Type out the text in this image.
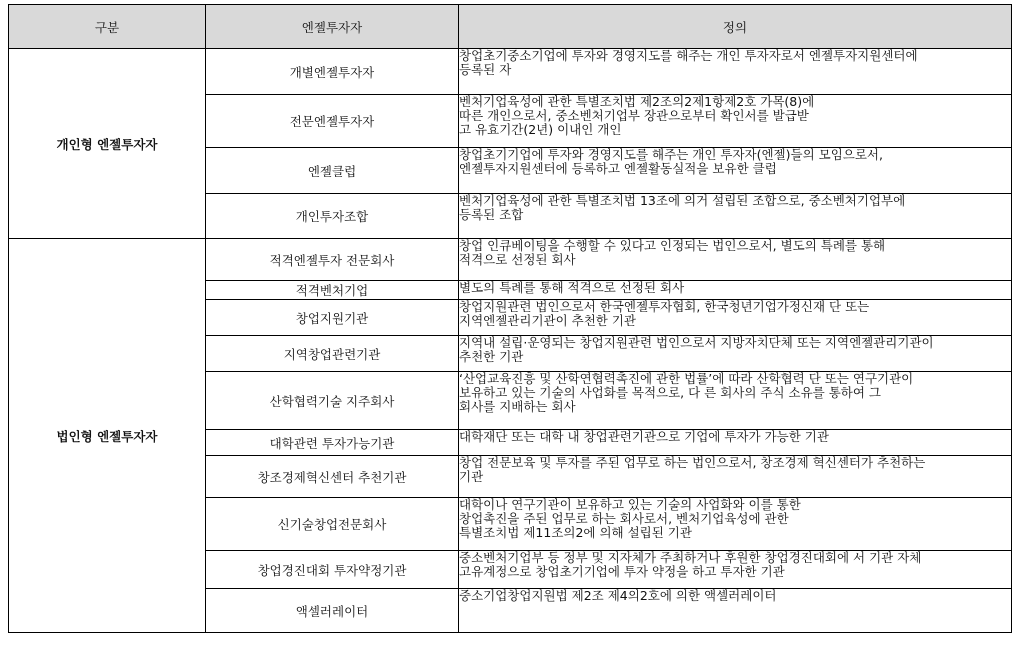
구분	엔젤투자자	정의
개인형 엔젤투자자	개별엔젤투자자	창업초기중소기업에 투자와 경영지도를 해주는 개인 투자자로서 엔젤투자지원센터에
등록된 자

	전문엔젤투자자	벤처기업육성에 관한 특별조치법 제2조의2제1항제2호 가목(8)에
따른 개인으로서, 중소벤처기업부 장관으로부터 확인서를 발급받
고 유효기간(2년) 이내인 개인

	엔젤클럽	창업초기기업에 투자와 경영지도를 해주는 개인 투자자(엔젤)들의 모임으로서,
엔젤투자지원센터에 등록하고 엔젤활동실적을 보유한 클럽

	개인투자조합	벤처기업육성에 관한 특별조치법 13조에 의거 설립된 조합으로, 중소벤처기업부에
등록된 조합

법인형 엔젤투자자	적격엔젤투자 전문회사	창업 인큐베이팅을 수행할 수 있다고 인정되는 법인으로서, 별도의 특례를 통해
적격으로 선정된 회사

	적격벤처기업	별도의 특례를 통해 적격으로 선정된 회사

	창업지원기관	창업지원관련 법인으로서 한국엔젤투자협회, 한국청년기업가정신재 단 또는
지역엔젤관리기관이 추천한 기관

	지역창업관련기관	지역내 설립·운영되는 창업지원관련 법인으로서 지방자치단체 또는 지역엔젤관리기관이
추천한 기관

	산학협력기술 지주회사	‘산업교육진흥 및 산학연협력촉진에 관한 법률’에 따라 산학협력 단 또는 연구기관이
보유하고 있는 기술의 사업화를 목적으로, 다 른 회사의 주식 소유를 통하여 그
회사를 지배하는 회사

	대학관련 투자가능기관	대학재단 또는 대학 내 창업관련기관으로 기업에 투자가 가능한 기관

	창조경제혁신센터 추천기관	창업 전문보육 및 투자를 주된 업무로 하는 법인으로서, 창조경제 혁신센터가 추천하는
기관

	신기술창업전문회사	대학이나 연구기관이 보유하고 있는 기술의 사업화와 이를 통한
창업촉진을 주된 업무로 하는 회사로서, 벤처기업육성에 관한
특별조치법 제11조의2에 의해 설립된 기관

	창업경진대회 투자약정기관	중소벤처기업부 등 정부 및 지자체가 주최하거나 후원한 창업경진대회에 서 기관 자체
고유계정으로 창업초기기업에 투자 약정을 하고 투자한 기관

	액셀러레이터	중소기업창업지원법 제2조 제4의2호에 의한 액셀러레이터
